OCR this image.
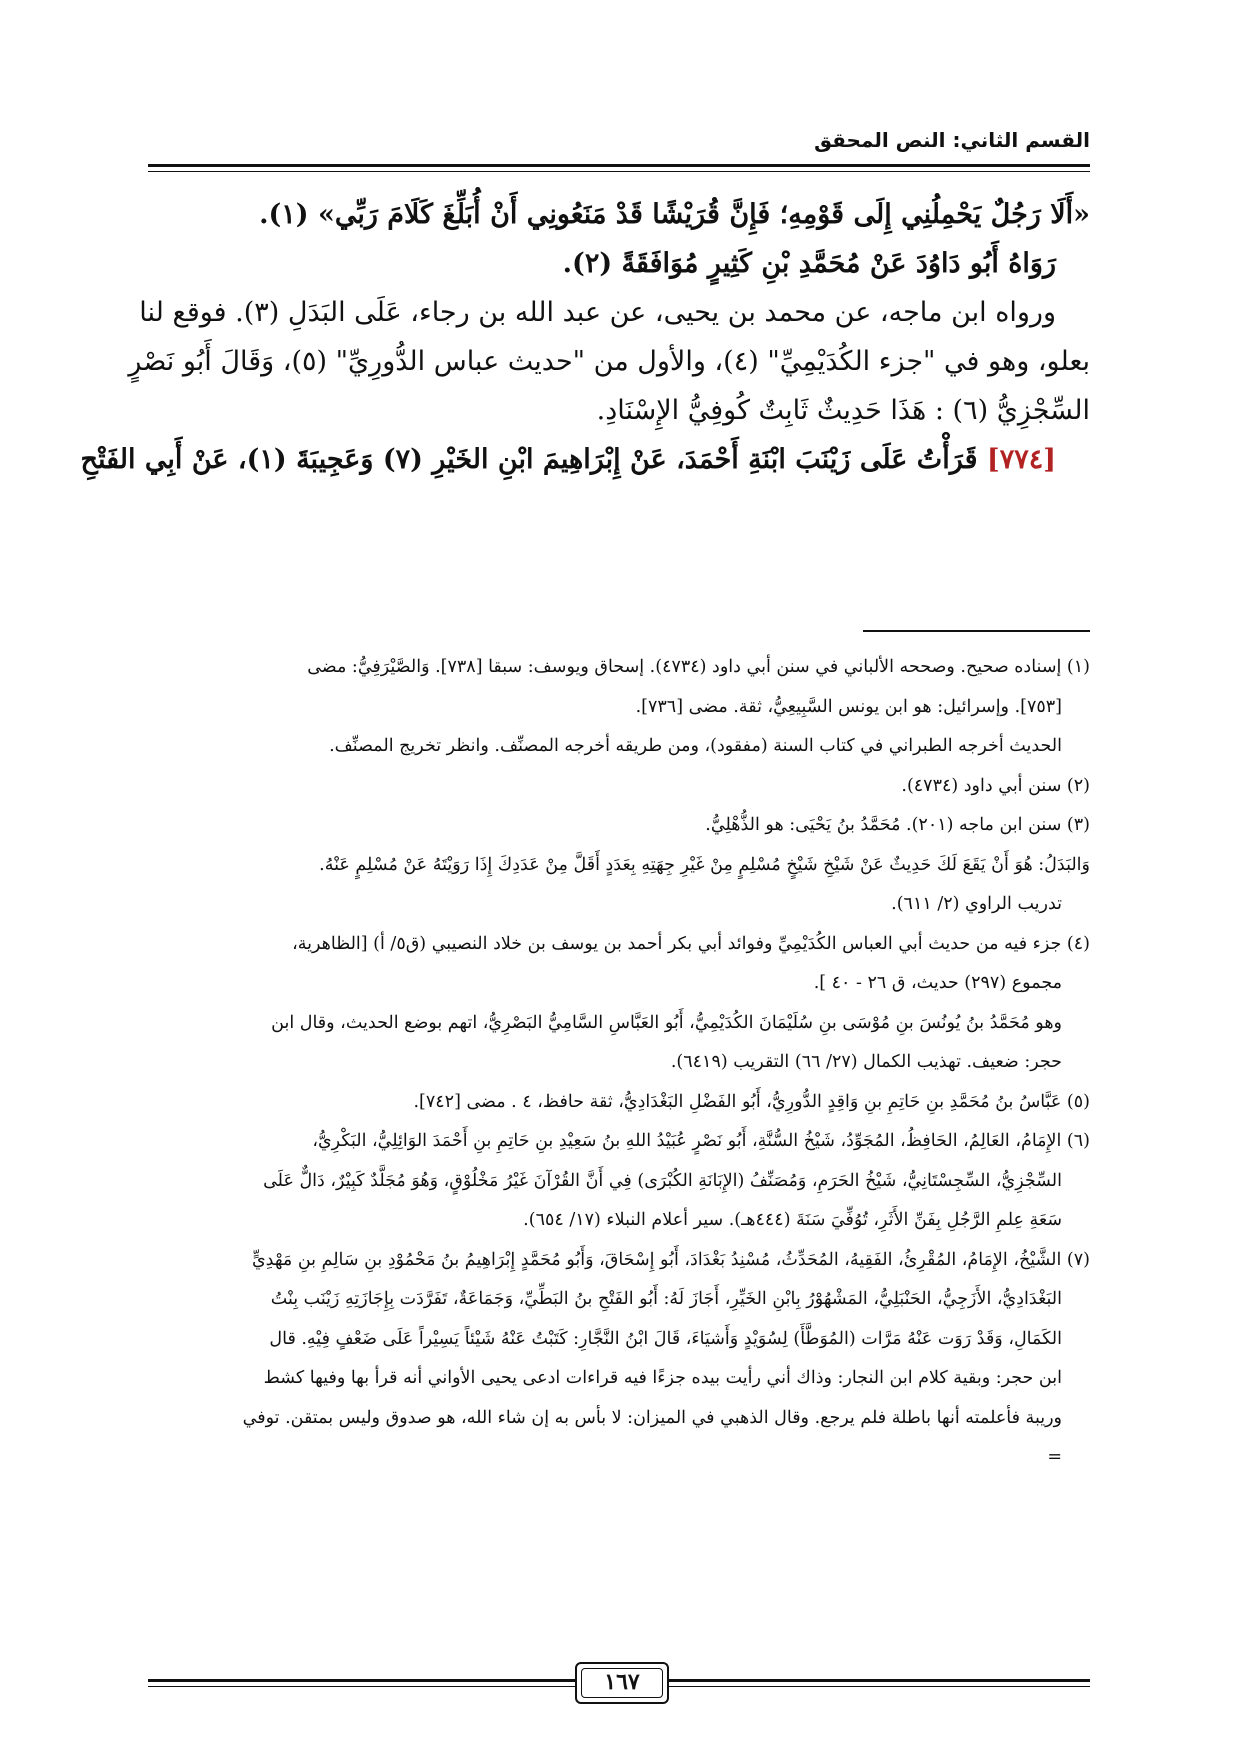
القسم الثاني: النص المحقق
«أَلَا رَجُلٌ يَحْمِلُنِي إِلَى قَوْمِهِ؛ فَإِنَّ قُرَيْشًا قَدْ مَنَعُونِي أَنْ أُبَلِّغَ كَلَامَ رَبِّي» (١).
رَوَاهُ أَبُو دَاوُدَ عَنْ مُحَمَّدِ بْنِ كَثِيرٍ مُوَافَقَةً (٢).
ورواه ابن ماجه، عن محمد بن يحيى، عن عبد الله بن رجاء، عَلَى البَدَلِ (٣). فوقع لنا
بعلو، وهو في "جزء الكُدَيْمِيِّ" (٤)، والأول من "حديث عباس الدُّورِيِّ" (٥)، وَقَالَ أَبُو نَصْرٍ
السِّجْزِيُّ (٦) : هَذَا حَدِيثٌ ثَابِتٌ كُوفِيُّ الإِسْنَادِ.
[٧٧٤] قَرَأْتُ عَلَى زَيْنَبَ ابْنَةِ أَحْمَدَ، عَنْ إِبْرَاهِيمَ ابْنِ الخَيْرِ (٧) وَعَجِيبَةَ (١)، عَنْ أَبِي الفَتْحِ
(١) إسناده صحيح. وصححه الألباني في سنن أبي داود (٤٧٣٤). إسحاق ويوسف: سبقا [٧٣٨]. وَالصَّيْرَفِيُّ: مضى
[٧٥٣]. وإسرائيل: هو ابن يونس السَّبِيعِيُّ، ثقة. مضى [٧٣٦].
الحديث أخرجه الطبراني في كتاب السنة (مفقود)، ومن طريقه أخرجه المصنِّف. وانظر تخريج المصنِّف.
(٢) سنن أبي داود (٤٧٣٤).
(٣) سنن ابن ماجه (٢٠١). مُحَمَّدُ بنُ يَحْيَى: هو الذُّهْلِيُّ.
وَالبَدَلُ: هُوَ أَنْ يَقَعَ لَكَ حَدِيثٌ عَنْ شَيْخِ شَيْخٍ مُسْلِمٍ مِنْ غَيْرِ جِهَتِهِ بِعَدَدٍ أَقَلَّ مِنْ عَدَدِكَ إِذَا رَوَيْتَهُ عَنْ مُسْلِمٍ عَنْهُ.
تدريب الراوي (٢/ ٦١١).
(٤) جزء فيه من حديث أبي العباس الكُدَيْمِيِّ وفوائد أبي بكر أحمد بن يوسف بن خلاد النصيبي (ق٥/ أ) [الظاهرية،
مجموع (٢٩٧) حديث، ق ٢٦ - ٤٠ ].
وهو مُحَمَّدُ بنُ يُونُسَ بنِ مُوْسَى بنِ سُلَيْمَانَ الكُدَيْمِيُّ، أَبُو العَبَّاسِ السَّامِيُّ البَصْرِيُّ، اتهم بوضع الحديث، وقال ابن
حجر: ضعيف. تهذيب الكمال (٢٧/ ٦٦) التقريب (٦٤١٩).
(٥) عَبَّاسُ بنُ مُحَمَّدِ بنِ حَاتِمِ بنِ وَاقِدٍ الدُّورِيُّ، أَبُو الفَضْلِ البَغْدَادِيُّ، ثقة حافظ، ٤ . مضى [٧٤٢].
(٦) الإِمَامُ، العَالِمُ، الحَافِظُ، المُجَوِّدُ، شَيْخُ السُّنَّةِ، أَبُو نَصْرٍ عُبَيْدُ اللهِ بنُ سَعِيْدِ بنِ حَاتِمِ بنِ أَحْمَدَ الوَائِلِيُّ، البَكْرِيُّ،
السِّجْزِيُّ، السِّجِسْتَانِيُّ، شَيْخُ الحَرَمِ، وَمُصَنِّفُ (الإِبَانَةِ الكُبْرَى) فِي أَنَّ القُرْآنَ غَيْرُ مَخْلُوْقٍ، وَهُوَ مُجَلَّدٌ كَبِيْرٌ، دَالٌّ عَلَى
سَعَةِ عِلمِ الرَّجُلِ بِفَنِّ الأَثَرِ، تُوُفِّيَ سَنَةَ (٤٤٤هـ). سير أعلام النبلاء (١٧/ ٦٥٤).
(٧) الشَّيْخُ، الإِمَامُ، المُقْرِئُ، الفَقِيهُ، المُحَدِّثُ، مُسْنِدُ بَغْدَادَ، أَبُو إِسْحَاقَ، وَأَبُو مُحَمَّدٍ إِبْرَاهِيمُ بنُ مَحْمُوْدِ بنِ سَالِمِ بنِ مَهْدِيٍّ
البَغْدَادِيُّ، الأَزَجِيُّ، الحَنْبَلِيُّ، المَشْهُوْرُ بِابْنِ الخَيِّرِ، أَجَازَ لَهُ: أَبُو الفَتْحِ بنُ البَطِّيِّ، وَجَمَاعَةٌ، تَفَرَّدَت بِإِجَازَتِهِ زَيْنَب بِنْتُ
الكَمَالِ، وَقَدْ رَوَت عَنْهُ مَرَّات (المُوَطَّأَ) لِسُوَيْدٍ وَأَشيَاءَ، قَالَ ابْنُ النَّجَّارِ: كَتَبْتُ عَنْهُ شَيْئاً يَسِيْراً عَلَى ضَعْفٍ فِيْهِ. قال
ابن حجر: وبقية كلام ابن النجار: وذاك أني رأيت بيده جزءًا فيه قراءات ادعى يحيى الأواني أنه قرأ بها وفيها كشط
وريبة فأعلمته أنها باطلة فلم يرجع. وقال الذهبي في الميزان: لا بأس به إن شاء الله، هو صدوق وليس بمتقن. توفي
=
١٦٧
